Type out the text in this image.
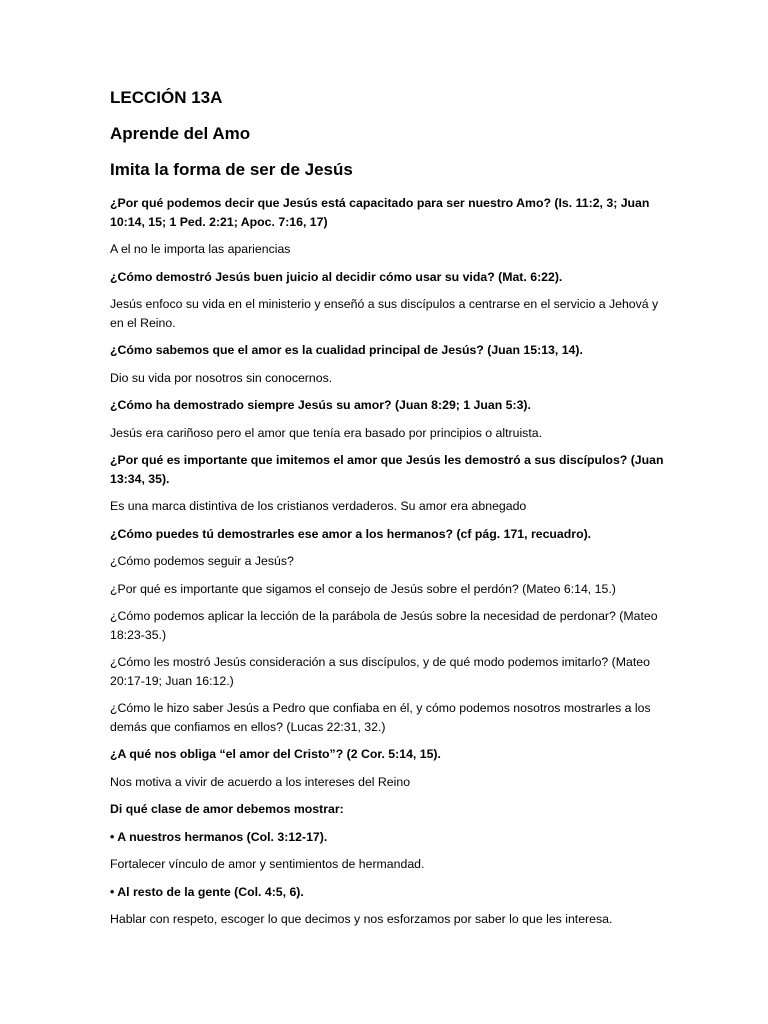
LECCIÓN 13A
Aprende del Amo
Imita la forma de ser de Jesús

¿Por qué podemos decir que Jesús está capacitado para ser nuestro Amo? (Is. 11:2, 3; Juan 10:14, 15; 1 Ped. 2:21; Apoc. 7:16, 17)

A el no le importa las apariencias

¿Cómo demostró Jesús buen juicio al decidir cómo usar su vida? (Mat. 6:22).

Jesús enfoco su vida en el ministerio y enseñó a sus discípulos a centrarse en el servicio a Jehová y en el Reino.

¿Cómo sabemos que el amor es la cualidad principal de Jesús? (Juan 15:13, 14).

Dio su vida por nosotros sin conocernos.

¿Cómo ha demostrado siempre Jesús su amor? (Juan 8:29; 1 Juan 5:3).

Jesús era cariñoso pero el amor que tenía era basado por principios o altruista.

¿Por qué es importante que imitemos el amor que Jesús les demostró a sus discípulos? (Juan 13:34, 35).

Es una marca distintiva de los cristianos verdaderos. Su amor era abnegado

¿Cómo puedes tú demostrarles ese amor a los hermanos? (cf pág. 171, recuadro).

¿Cómo podemos seguir a Jesús?

¿Por qué es importante que sigamos el consejo de Jesús sobre el perdón? (Mateo 6:14, 15.)

¿Cómo podemos aplicar la lección de la parábola de Jesús sobre la necesidad de perdonar? (Mateo 18:23-35.)

¿Cómo les mostró Jesús consideración a sus discípulos, y de qué modo podemos imitarlo? (Mateo 20:17-19; Juan 16:12.)

¿Cómo le hizo saber Jesús a Pedro que confiaba en él, y cómo podemos nosotros mostrarles a los demás que confiamos en ellos? (Lucas 22:31, 32.)

¿A qué nos obliga “el amor del Cristo”? (2 Cor. 5:14, 15).

Nos motiva a vivir de acuerdo a los intereses del Reino

Di qué clase de amor debemos mostrar:

• A nuestros hermanos (Col. 3:12-17).

Fortalecer vínculo de amor y sentimientos de hermandad.

• Al resto de la gente (Col. 4:5, 6).

Hablar con respeto, escoger lo que decimos y nos esforzamos por saber lo que les interesa.
